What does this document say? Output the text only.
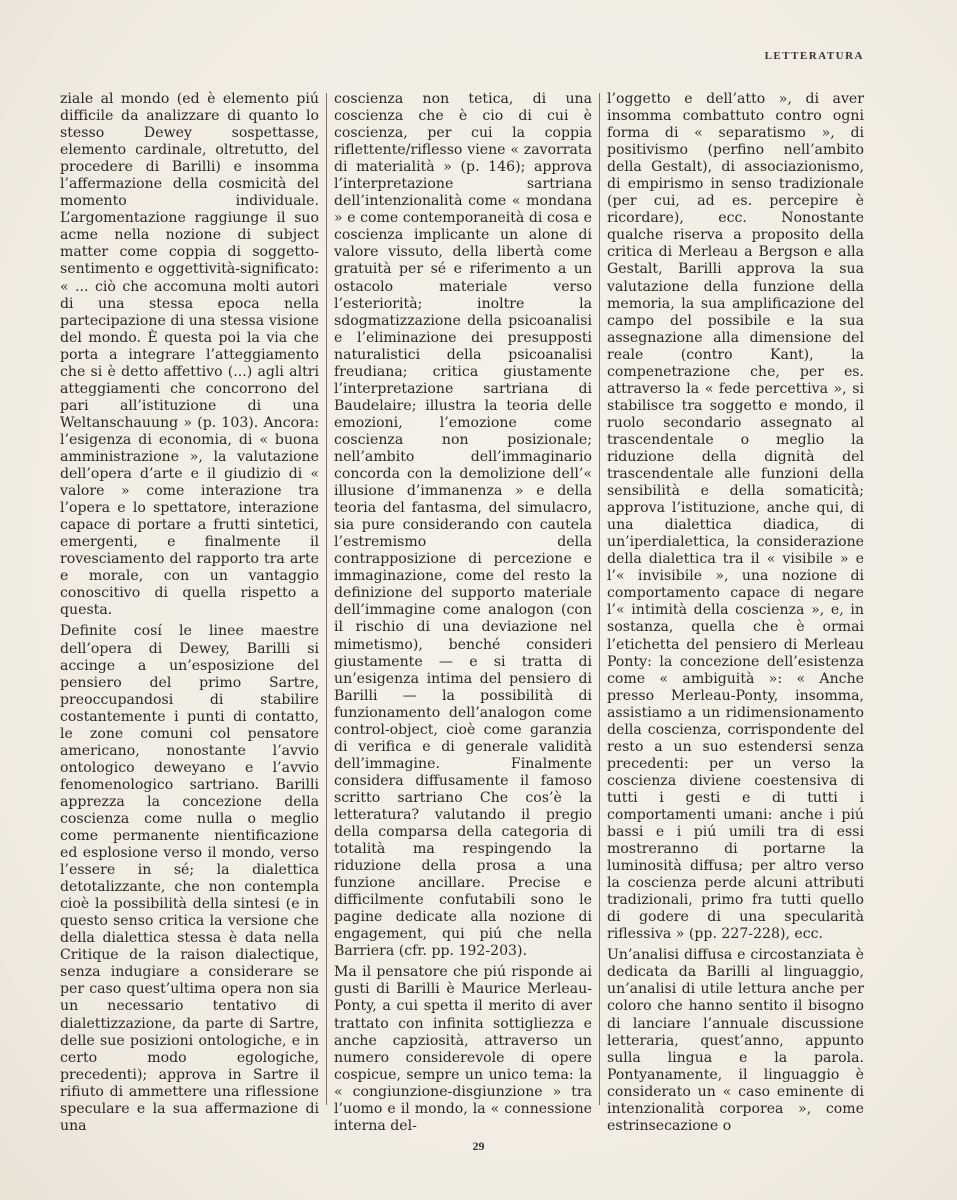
LETTERATURA

ziale al mondo (ed è elemento piú difficile da analizzare di quanto lo stesso Dewey sospettasse, elemento cardinale, oltretutto, del procedere di Barilli) e insomma l’affermazione della cosmicità del momento individuale. L’argomentazione raggiunge il suo acme nella nozione di subject matter come coppia di soggetto-sentimento e oggettività-significato: « ... ciò che accomuna molti autori di una stessa epoca nella partecipazione di una stessa visione del mondo. È questa poi la via che porta a integrare l’atteggiamento che si è detto affettivo (...) agli altri atteggiamenti che concorrono del pari all’istituzione di una Weltanschauung » (p. 103). Ancora: l’esigenza di economia, di « buona amministrazione », la valutazione dell’opera d’arte e il giudizio di « valore » come interazione tra l’opera e lo spettatore, interazione capace di portare a frutti sintetici, emergenti, e finalmente il rovesciamento del rapporto tra arte e morale, con un vantaggio conoscitivo di quella rispetto a questa.

Definite cosí le linee maestre dell’opera di Dewey, Barilli si accinge a un’esposizione del pensiero del primo Sartre, preoccupandosi di stabilire costantemente i punti di contatto, le zone comuni col pensatore americano, nonostante l’avvio ontologico deweyano e l’avvio fenomenologico sartriano. Barilli apprezza la concezione della coscienza come nulla o meglio come permanente nientificazione ed esplosione verso il mondo, verso l’essere in sé; la dialettica detotalizzante, che non contempla cioè la possibilità della sintesi (e in questo senso critica la versione che della dialettica stessa è data nella Critique de la raison dialectique, senza indugiare a considerare se per caso quest’ultima opera non sia un necessario tentativo di dialettizzazione, da parte di Sartre, delle sue posizioni ontologiche, e in certo modo egologiche, precedenti); approva in Sartre il rifiuto di ammettere una riflessione speculare e la sua affermazione di una

coscienza non tetica, di una coscienza che è cio di cui è coscienza, per cui la coppia riflettente/riflesso viene « zavorrata di materialità » (p. 146); approva l’interpretazione sartriana dell’intenzionalità come « mondana » e come contemporaneità di cosa e coscienza implicante un alone di valore vissuto, della libertà come gratuità per sé e riferimento a un ostacolo materiale verso l’esteriorità; inoltre la sdogmatizzazione della psicoanalisi e l’eliminazione dei presupposti naturalistici della psicoanalisi freudiana; critica giustamente l’interpretazione sartriana di Baudelaire; illustra la teoria delle emozioni, l’emozione come coscienza non posizionale; nell’ambito dell’immaginario concorda con la demolizione dell’« illusione d’immanenza » e della teoria del fantasma, del simulacro, sia pure considerando con cautela l’estremismo della contrapposizione di percezione e immaginazione, come del resto la definizione del supporto materiale dell’immagine come analogon (con il rischio di una deviazione nel mimetismo), benché consideri giustamente — e si tratta di un’esigenza intima del pensiero di Barilli — la possibilità di funzionamento dell’analogon come control-object, cioè come garanzia di verifica e di generale validità dell’immagine. Finalmente considera diffusamente il famoso scritto sartriano Che cos’è la letteratura? valutando il pregio della comparsa della categoria di totalità ma respingendo la riduzione della prosa a una funzione ancillare. Precise e difficilmente confutabili sono le pagine dedicate alla nozione di engagement, qui piú che nella Barriera (cfr. pp. 192-203).

Ma il pensatore che piú risponde ai gusti di Barilli è Maurice Merleau-Ponty, a cui spetta il merito di aver trattato con infinita sottigliezza e anche capziosità, attraverso un numero considerevole di opere cospicue, sempre un unico tema: la « congiunzione-disgiunzione » tra l’uomo e il mondo, la « connessione interna del-

l’oggetto e dell’atto », di aver insomma combattuto contro ogni forma di « separatismo », di positivismo (perfino nell’ambito della Gestalt), di associazionismo, di empirismo in senso tradizionale (per cui, ad es. percepire è ricordare), ecc. Nonostante qualche riserva a proposito della critica di Merleau a Bergson e alla Gestalt, Barilli approva la sua valutazione della funzione della memoria, la sua amplificazione del campo del possibile e la sua assegnazione alla dimensione del reale (contro Kant), la compenetrazione che, per es. attraverso la « fede percettiva », si stabilisce tra soggetto e mondo, il ruolo secondario assegnato al trascendentale o meglio la riduzione della dignità del trascendentale alle funzioni della sensibilità e della somaticità; approva l’istituzione, anche qui, di una dialettica diadica, di un’iperdialettica, la considerazione della dialettica tra il « visibile » e l’« invisibile », una nozione di comportamento capace di negare l’« intimità della coscienza », e, in sostanza, quella che è ormai l’etichetta del pensiero di Merleau Ponty: la concezione dell’esistenza come « ambiguità »: « Anche presso Merleau-Ponty, insomma, assistiamo a un ridimensionamento della coscienza, corrispondente del resto a un suo estendersi senza precedenti: per un verso la coscienza diviene coestensiva di tutti i gesti e di tutti i comportamenti umani: anche i piú bassi e i piú umili tra di essi mostreranno di portarne la luminosità diffusa; per altro verso la coscienza perde alcuni attributi tradizionali, primo fra tutti quello di godere di una specularità riflessiva » (pp. 227-228), ecc.

Un’analisi diffusa e circostanziata è dedicata da Barilli al linguaggio, un’analisi di utile lettura anche per coloro che hanno sentito il bisogno di lanciare l’annuale discussione letteraria, quest’anno, appunto sulla lingua e la parola. Pontyanamente, il linguaggio è considerato un « caso eminente di intenzionalità corporea », come estrinsecazione o

29
